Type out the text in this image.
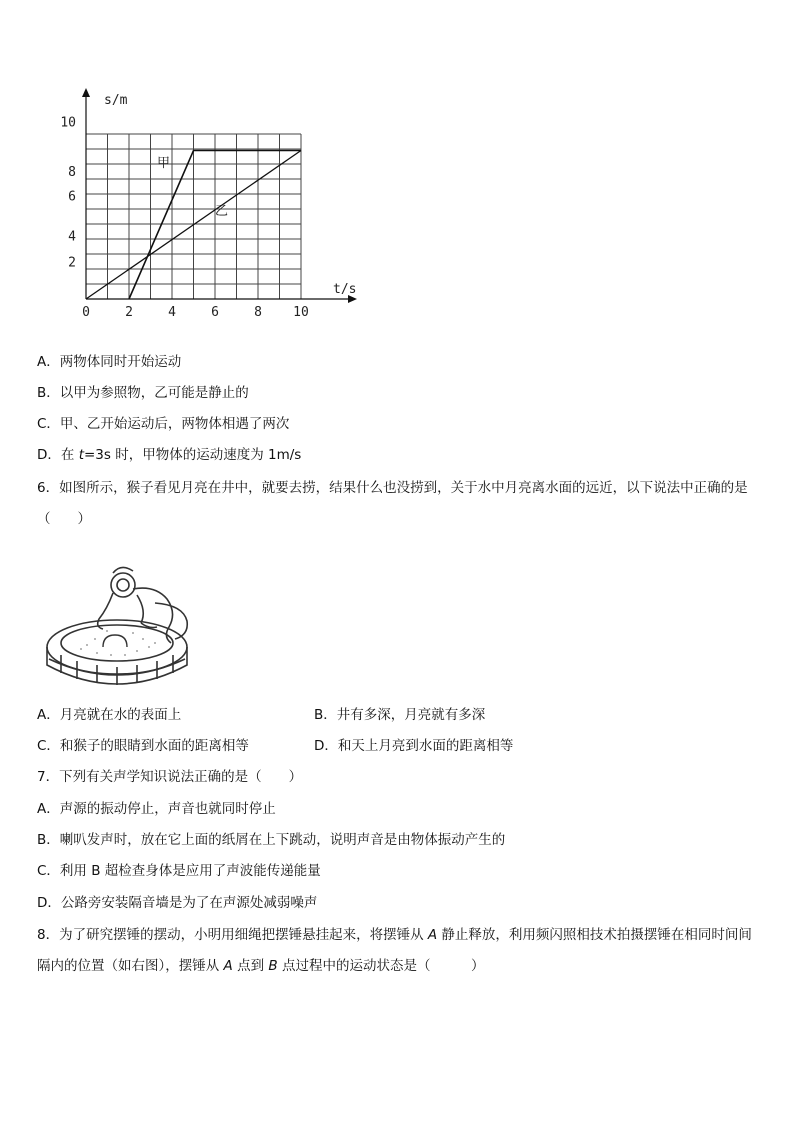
甲
乙
0	2	4	6	8 10
2
4
6
8
10
t/s
s/m
A．两物体同时开始运动
B．以甲为参照物，乙可能是静止的
C．甲、乙开始运动后，两物体相遇了两次
D．在 t=3s 时，甲物体的运动速度为 1m/s
6．如图所示，猴子看见月亮在井中，就要去捞，结果什么也没捞到，关于水中月亮离水面的远近，以下说法中正确的是（　　）
A．月亮就在水的表面上	B．井有多深，月亮就有多深
C．和猴子的眼睛到水面的距离相等	D．和天上月亮到水面的距离相等
7．下列有关声学知识说法正确的是（　　）
A．声源的振动停止，声音也就同时停止
B．喇叭发声时，放在它上面的纸屑在上下跳动，说明声音是由物体振动产生的
C．利用 B 超检查身体是应用了声波能传递能量
D．公路旁安装隔音墙是为了在声源处减弱噪声
8．为了研究摆锤的摆动，小明用细绳把摆锤悬挂起来，将摆锤从 A 静止释放，利用频闪照相技术拍摄摆锤在相同时间间隔内的位置（如右图），摆锤从 A 点到 B 点过程中的运动状态是（　　　）
